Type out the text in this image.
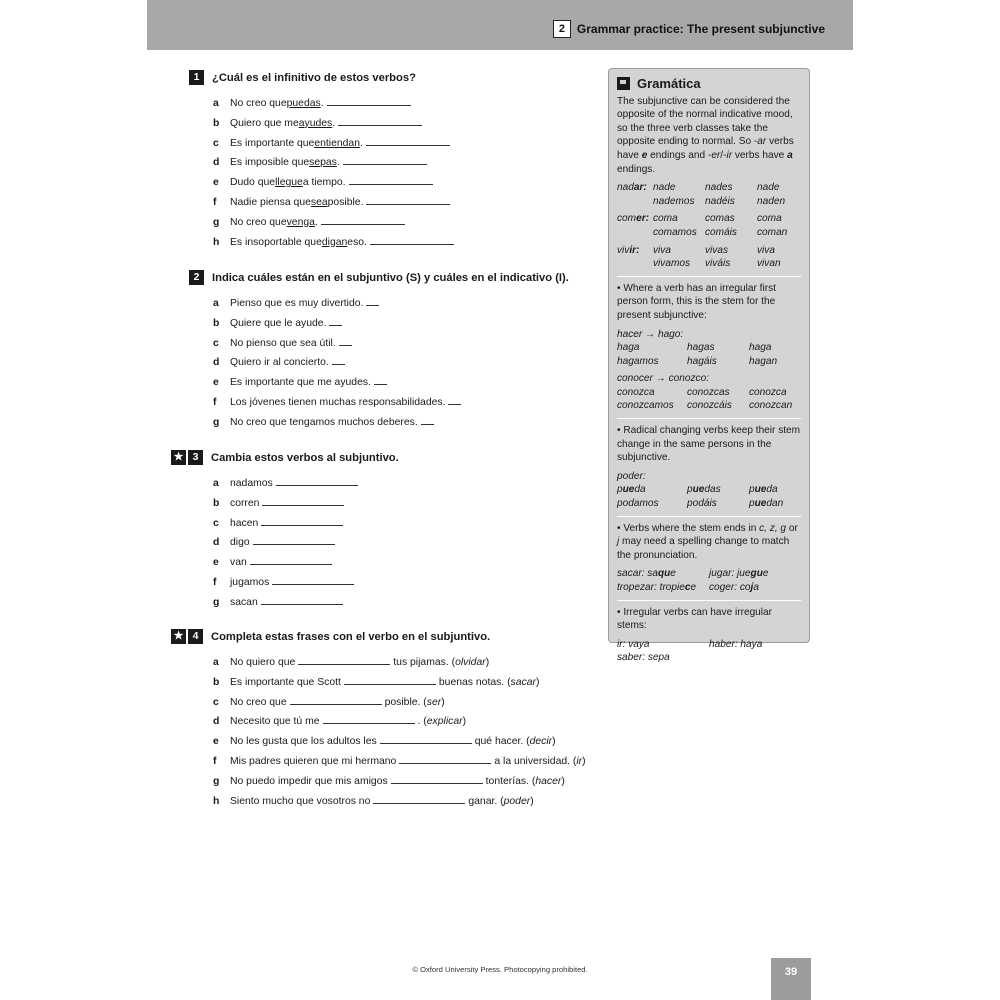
2 Grammar practice: The present subjunctive
1	¿Cuál es el infinitivo de estos verbos?
a	No creo que puedas .
b	Quiero que me ayudes .
c	Es importante que entiendan .
d	Es imposible que sepas .
e	Dudo que llegue a tiempo.
f	Nadie piensa que sea posible.
g	No creo que venga .
h	Es insoportable que digan eso.
2	Indica cuáles están en el subjuntivo (S) y cuáles en el indicativo (I).
a	Pienso que es muy divertido.
b	Quiere que le ayude.
c	No pienso que sea útil.
d	Quiero ir al concierto.
e	Es importante que me ayudes.
f	Los jóvenes tienen muchas responsabilidades.
g	No creo que tengamos muchos deberes.
★ 3	Cambia estos verbos al subjuntivo.
a	nadamos
b	corren
c	hacen
d	digo
e	van
f	jugamos
g	sacan
★ 4	Completa estas frases con el verbo en el subjuntivo.
a	No quiero que	tus pijamas. ( olvidar )
b	Es importante que Scott	buenas notas. ( sacar )
c	No creo que	posible. ( ser )
d	Necesito que tú me	. ( explicar )
e	No les gusta que los adultos les	qué hacer. ( decir )
f	Mis padres quieren que mi hermano	a la universidad. ( ir )
g	No puedo impedir que mis amigos	tonterías. ( hacer )
h	Siento mucho que vosotros no	ganar. ( poder )
Gramática

The subjunctive can be considered the opposite of the normal indicative mood, so the three verb classes take the opposite ending to normal. So -ar verbs have e endings and -er/-ir verbs have a endings.

nadar: nade	nades	nade
nademos	nadéis	naden
comer: coma	comas	coma
comamos comáis	coman
vivir:	viva	vivas	viva
vivamos	viváis	vivan

• Where a verb has an irregular first person form, this is the stem for the present subjunctive:

hacer → hago:
haga	hagas	haga
hagamos	hagáis	hagan
conocer → conozco:
conozca	conozcas	conozca
conozcamos	conozcáis	conozcan

• Radical changing verbs keep their stem change in the same persons in the subjunctive.

poder:
pueda	puedas	pueda
podamos	podáis	puedan

• Verbs where the stem ends in c, z, g or j may need a spelling change to match the pronunciation.

sacar: saque	jugar: juegue
tropezar: tropiece	coger: coja

• Irregular verbs can have irregular stems:

ir: vaya	haber: haya
saber: sepa
© Oxford University Press. Photocopying prohibited.	39
